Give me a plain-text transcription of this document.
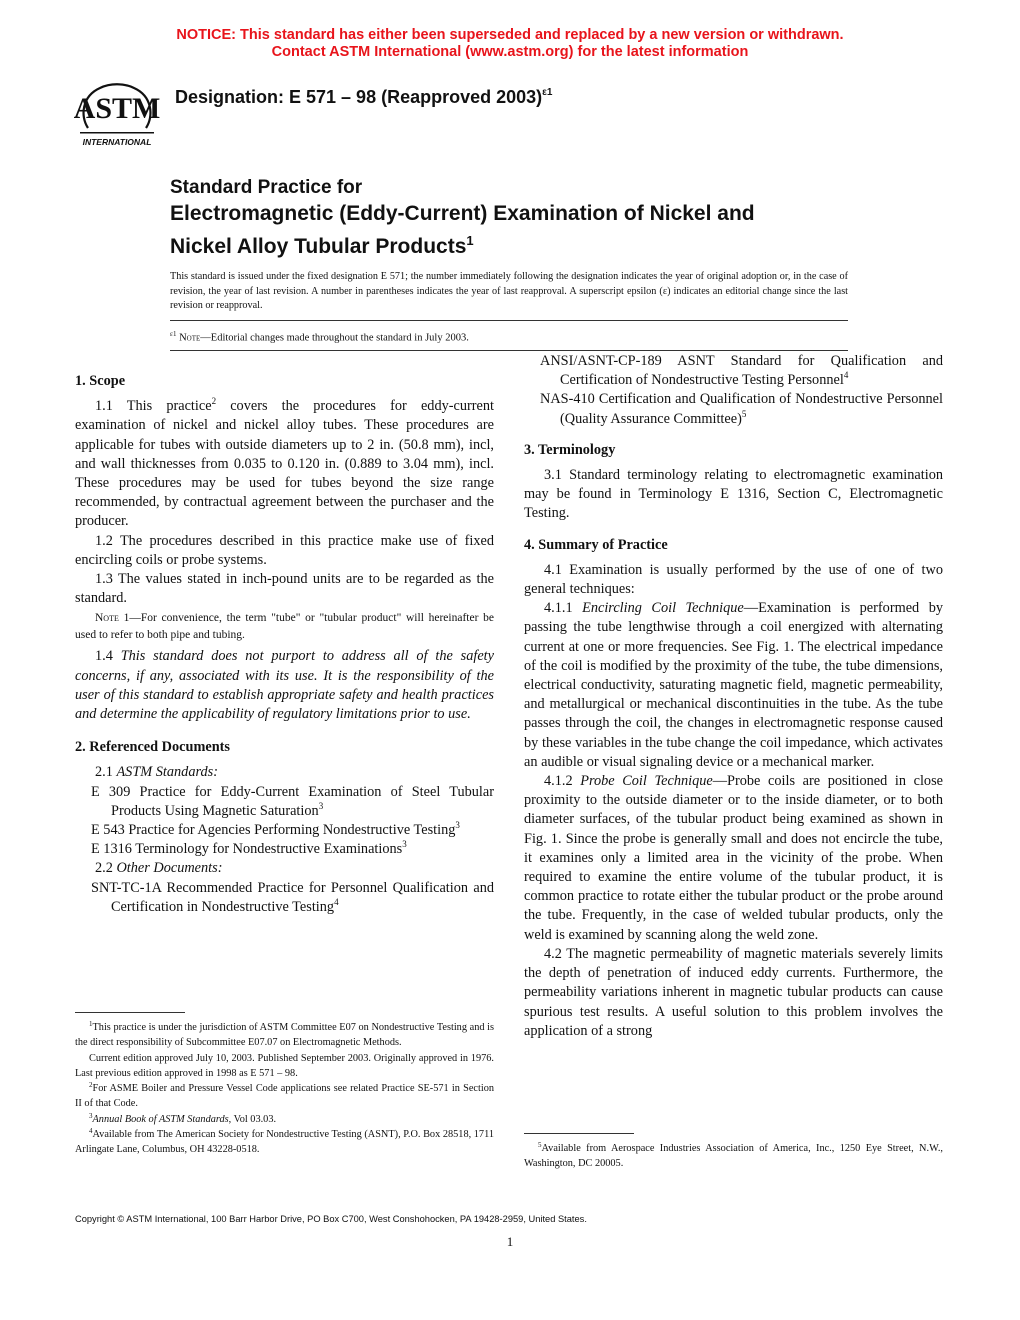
NOTICE: This standard has either been superseded and replaced by a new version or withdrawn.
Contact ASTM International (www.astm.org) for the latest information
ASTM
INTERNATIONAL
Designation: E 571 – 98 (Reapproved 2003)$^{\varepsilon 1}$
Standard Practice for
Electromagnetic (Eddy-Current) Examination of Nickel and
Nickel Alloy Tubular Products$^1$
This standard is issued under the fixed designation E 571; the number immediately following the designation indicates the year of original adoption or, in the case of revision, the year of last revision. A number in parentheses indicates the year of last reapproval. A superscript epsilon (ε) indicates an editorial change since the last revision or reapproval.
$^{\varepsilon 1}$ Note—Editorial changes made throughout the standard in July 2003.
1. Scope

1.1 This practice$^2$ covers the procedures for eddy-current examination of nickel and nickel alloy tubes. These procedures are applicable for tubes with outside diameters up to 2 in. (50.8 mm), incl, and wall thicknesses from 0.035 to 0.120 in. (0.889 to 3.04 mm), incl. These procedures may be used for tubes beyond the size range recommended, by contractual agreement between the purchaser and the producer.

1.2 The procedures described in this practice make use of fixed encircling coils or probe systems.

1.3 The values stated in inch-pound units are to be regarded as the standard.

Note 1—For convenience, the term "tube" or "tubular product" will hereinafter be used to refer to both pipe and tubing.

1.4 This standard does not purport to address all of the safety concerns, if any, associated with its use. It is the responsibility of the user of this standard to establish appropriate safety and health practices and determine the applicability of regulatory limitations prior to use.

2. Referenced Documents

2.1 ASTM Standards:

E 309 Practice for Eddy-Current Examination of Steel Tubular Products Using Magnetic Saturation$^3$

E 543 Practice for Agencies Performing Nondestructive Testing$^3$

E 1316 Terminology for Nondestructive Examinations$^3$

2.2 Other Documents:

SNT-TC-1A Recommended Practice for Personnel Qualification and Certification in Nondestructive Testing$^4$

ANSI/ASNT-CP-189 ASNT Standard for Qualification and Certification of Nondestructive Testing Personnel$^4$

NAS-410 Certification and Qualification of Nondestructive Personnel (Quality Assurance Committee)$^5$

3. Terminology

3.1 Standard terminology relating to electromagnetic examination may be found in Terminology E 1316, Section C, Electromagnetic Testing.

4. Summary of Practice

4.1 Examination is usually performed by the use of one of two general techniques:

4.1.1 Encircling Coil Technique—Examination is performed by passing the tube lengthwise through a coil energized with alternating current at one or more frequencies. See Fig. 1. The electrical impedance of the coil is modified by the proximity of the tube, the tube dimensions, electrical conductivity, saturating magnetic field, magnetic permeability, and metallurgical or mechanical discontinuities in the tube. As the tube passes through the coil, the changes in electromagnetic response caused by these variables in the tube change the coil impedance, which activates an audible or visual signaling device or a mechanical marker.

4.1.2 Probe Coil Technique—Probe coils are positioned in close proximity to the outside diameter or to the inside diameter, or to both diameter surfaces, of the tubular product being examined as shown in Fig. 1. Since the probe is generally small and does not encircle the tube, it examines only a limited area in the vicinity of the probe. When required to examine the entire volume of the tubular product, it is common practice to rotate either the tubular product or the probe around the tube. Frequently, in the case of welded tubular products, only the weld is examined by scanning along the weld zone.

4.2 The magnetic permeability of magnetic materials severely limits the depth of penetration of induced eddy currents. Furthermore, the permeability variations inherent in magnetic tubular products can cause spurious test results. A useful solution to this problem involves the application of a strong

$^1$This practice is under the jurisdiction of ASTM Committee E07 on Nondestructive Testing and is the direct responsibility of Subcommittee E07.07 on Electromagnetic Methods.

Current edition approved July 10, 2003. Published September 2003. Originally approved in 1976. Last previous edition approved in 1998 as E 571 – 98.

$^2$For ASME Boiler and Pressure Vessel Code applications see related Practice SE-571 in Section II of that Code.

$^3$Annual Book of ASTM Standards, Vol 03.03.

$^4$Available from The American Society for Nondestructive Testing (ASNT), P.O. Box 28518, 1711 Arlingate Lane, Columbus, OH 43228-0518.	$^5$Available from Aerospace Industries Association of America, Inc., 1250 Eye Street, N.W., Washington, DC 20005.

Copyright © ASTM International, 100 Barr Harbor Drive, PO Box C700, West Conshohocken, PA 19428-2959, United States.
1
